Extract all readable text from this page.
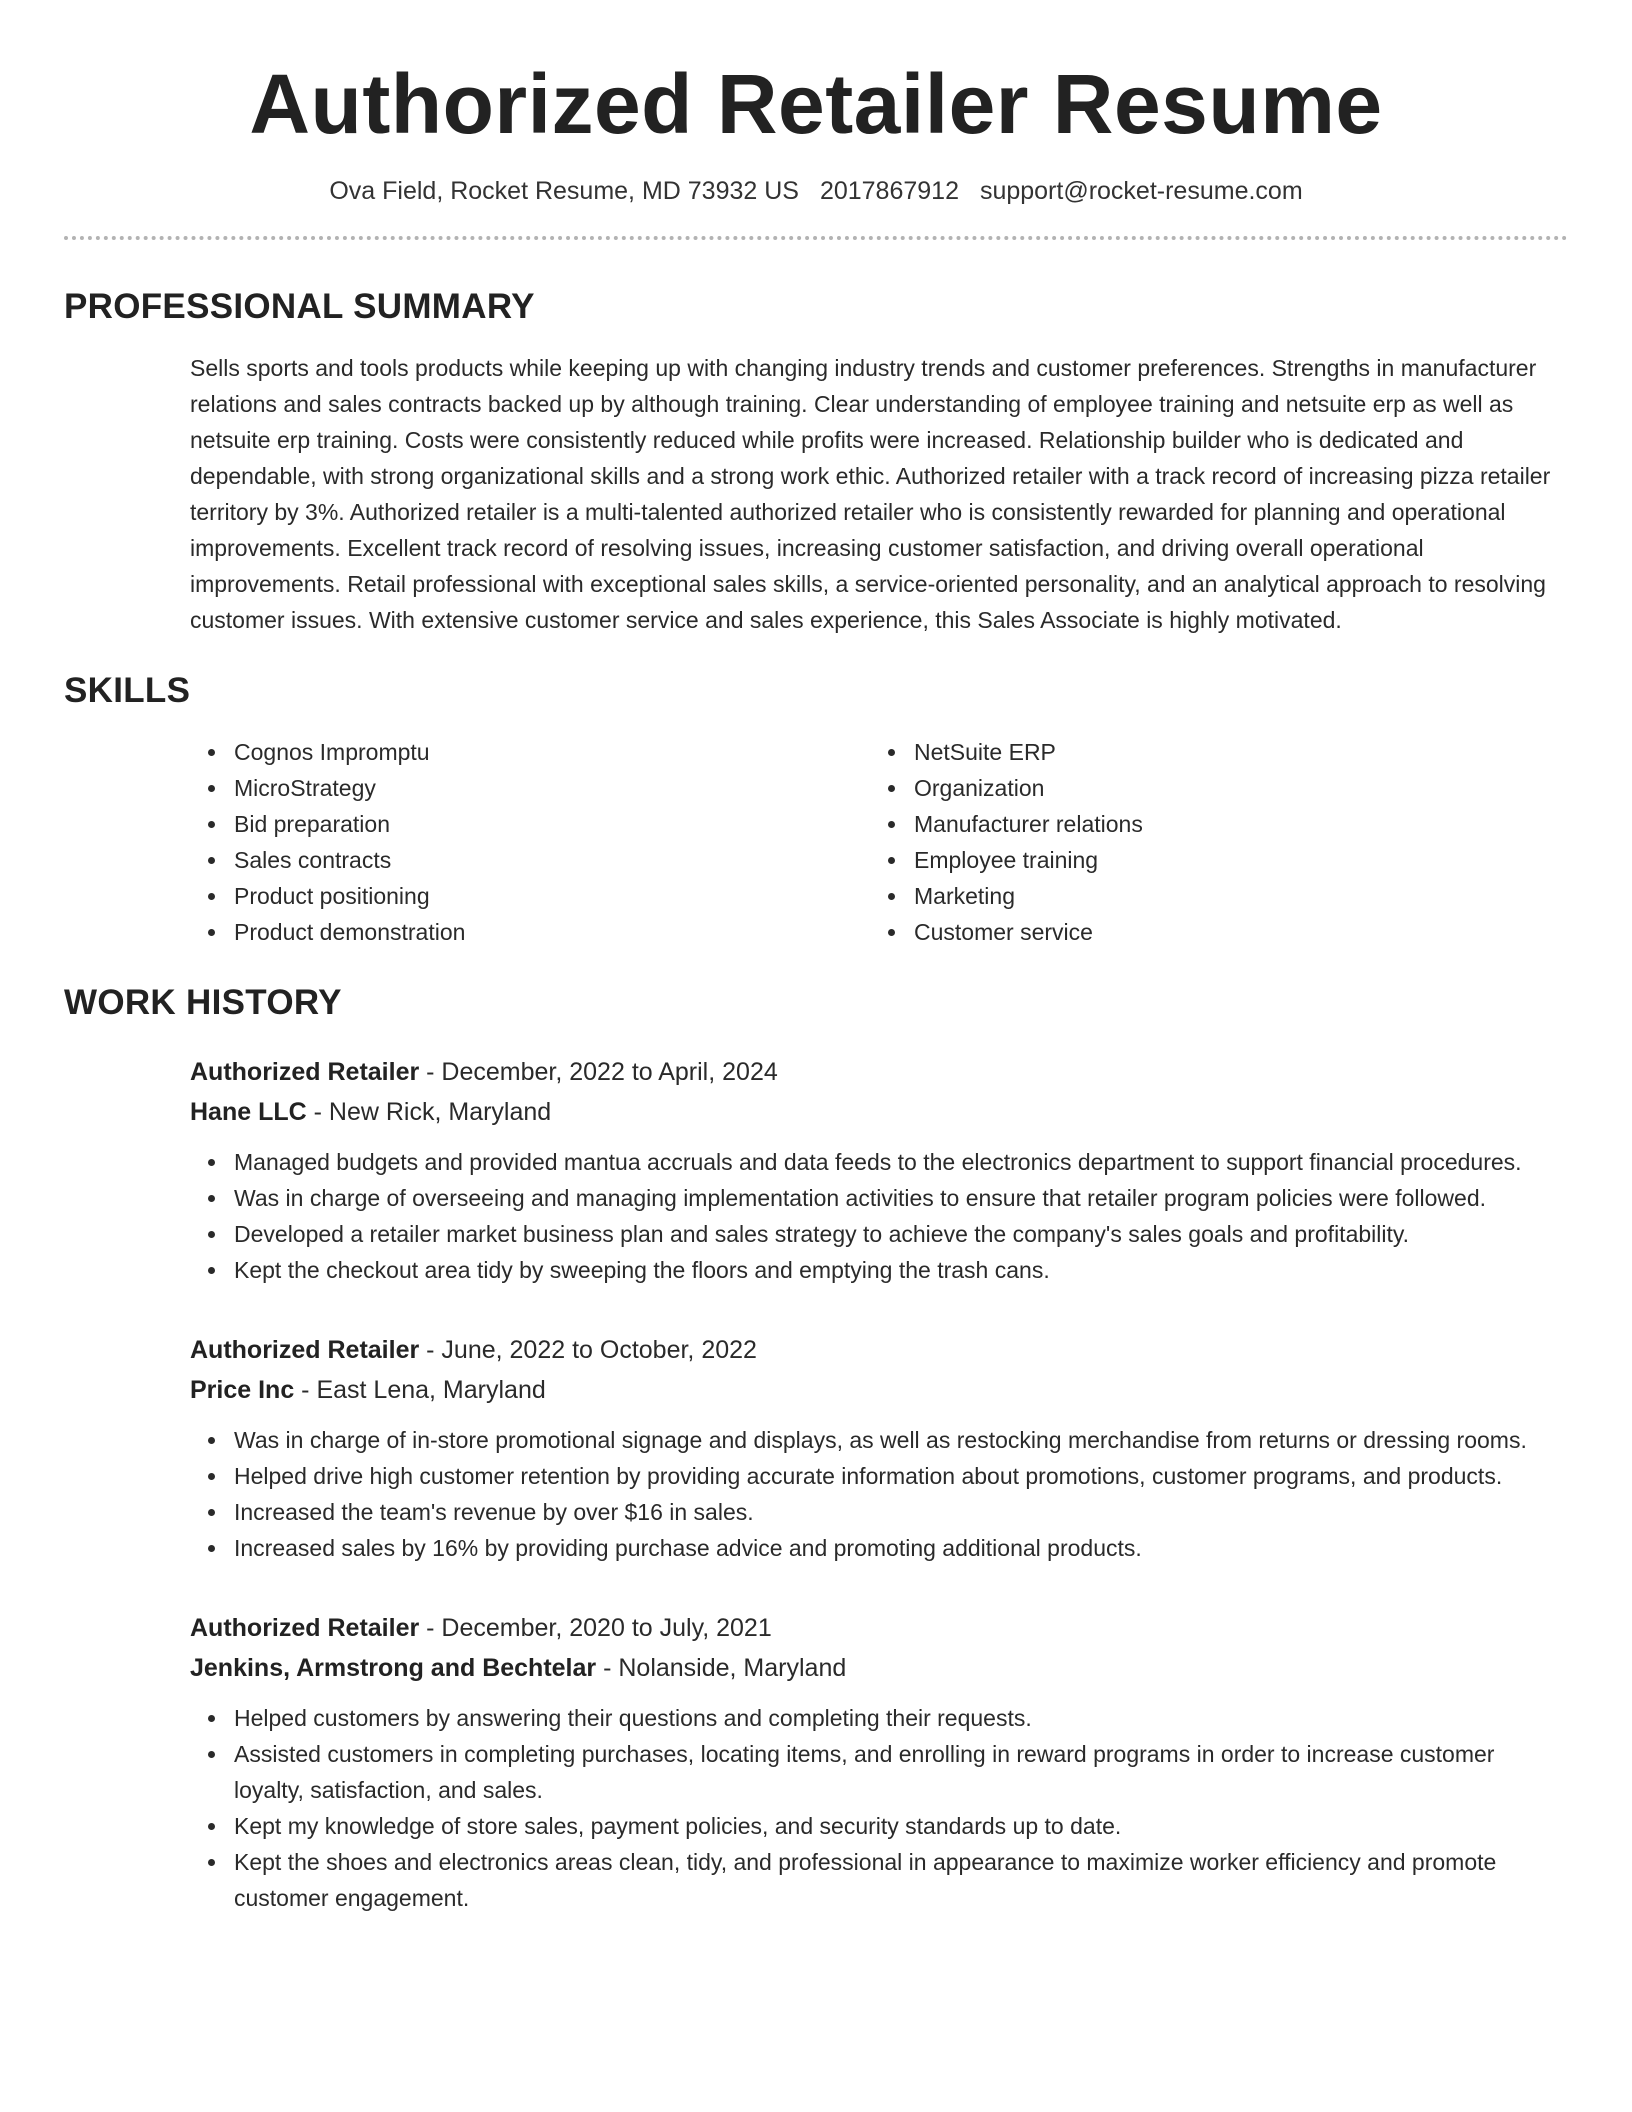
Authorized Retailer Resume
Ova Field, Rocket Resume, MD 73932 US 2017867912 support@rocket-resume.com
PROFESSIONAL SUMMARY

Sells sports and tools products while keeping up with changing industry trends and customer preferences. Strengths in manufacturer relations and sales contracts backed up by although training. Clear understanding of employee training and netsuite erp as well as netsuite erp training. Costs were consistently reduced while profits were increased. Relationship builder who is dedicated and dependable, with strong organizational skills and a strong work ethic. Authorized retailer with a track record of increasing pizza retailer territory by 3%. Authorized retailer is a multi-talented authorized retailer who is consistently rewarded for planning and operational improvements. Excellent track record of resolving issues, increasing customer satisfaction, and driving overall operational improvements. Retail professional with exceptional sales skills, a service-oriented personality, and an analytical approach to resolving customer issues. With extensive customer service and sales experience, this Sales Associate is highly motivated.

SKILLS
Cognos Impromptu
MicroStrategy
Bid preparation
Sales contracts
Product positioning
Product demonstration
NetSuite ERP
Organization
Manufacturer relations
Employee training
Marketing
Customer service
WORK HISTORY
Authorized Retailer - December, 2022 to April, 2024
Hane LLC - New Rick, Maryland
Managed budgets and provided mantua accruals and data feeds to the electronics department to support financial procedures.
Was in charge of overseeing and managing implementation activities to ensure that retailer program policies were followed.
Developed a retailer market business plan and sales strategy to achieve the company's sales goals and profitability.
Kept the checkout area tidy by sweeping the floors and emptying the trash cans.
Authorized Retailer - June, 2022 to October, 2022
Price Inc - East Lena, Maryland
Was in charge of in-store promotional signage and displays, as well as restocking merchandise from returns or dressing rooms.
Helped drive high customer retention by providing accurate information about promotions, customer programs, and products.
Increased the team's revenue by over $16 in sales.
Increased sales by 16% by providing purchase advice and promoting additional products.
Authorized Retailer - December, 2020 to July, 2021
Jenkins, Armstrong and Bechtelar - Nolanside, Maryland
Helped customers by answering their questions and completing their requests.
Assisted customers in completing purchases, locating items, and enrolling in reward programs in order to increase customer loyalty, satisfaction, and sales.
Kept my knowledge of store sales, payment policies, and security standards up to date.
Kept the shoes and electronics areas clean, tidy, and professional in appearance to maximize worker efficiency and promote customer engagement.
